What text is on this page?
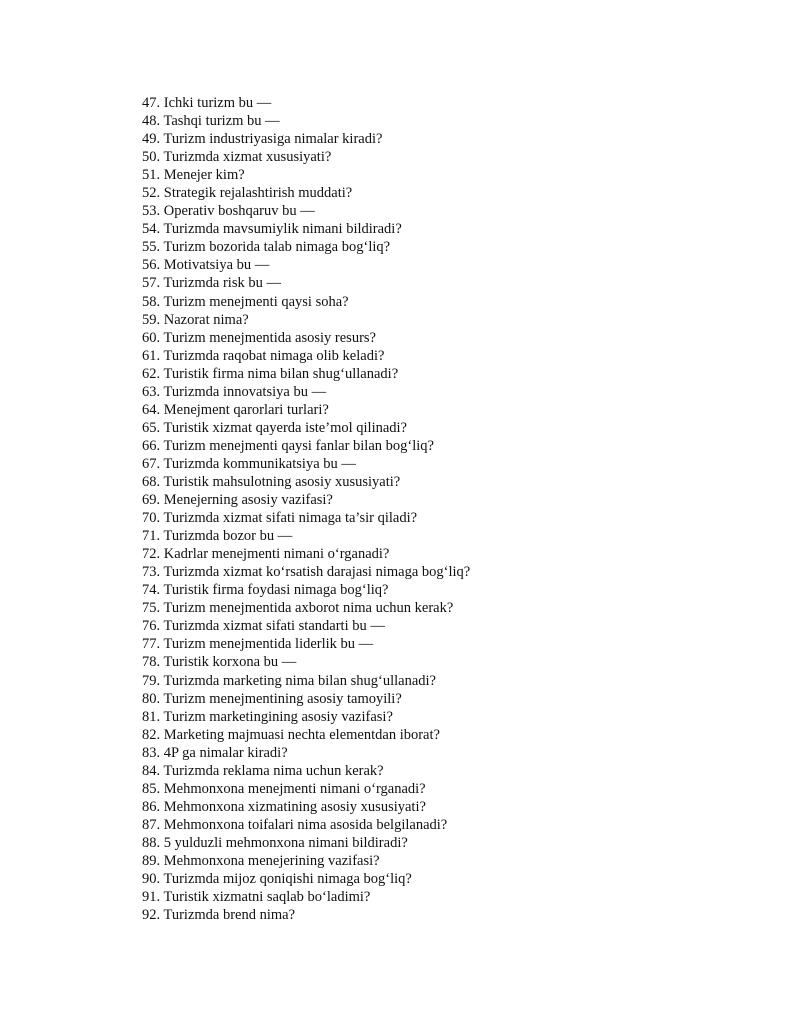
47. Ichki turizm bu —
48. Tashqi turizm bu —
49. Turizm industriyasiga nimalar kiradi?
50. Turizmda xizmat xususiyati?
51. Menejer kim?
52. Strategik rejalashtirish muddati?
53. Operativ boshqaruv bu —
54. Turizmda mavsumiylik nimani bildiradi?
55. Turizm bozorida talab nimaga bog‘liq?
56. Motivatsiya bu —
57. Turizmda risk bu —
58. Turizm menejmenti qaysi soha?
59. Nazorat nima?
60. Turizm menejmentida asosiy resurs?
61. Turizmda raqobat nimaga olib keladi?
62. Turistik firma nima bilan shug‘ullanadi?
63. Turizmda innovatsiya bu —
64. Menejment qarorlari turlari?
65. Turistik xizmat qayerda iste’mol qilinadi?
66. Turizm menejmenti qaysi fanlar bilan bog‘liq?
67. Turizmda kommunikatsiya bu —
68. Turistik mahsulotning asosiy xususiyati?
69. Menejerning asosiy vazifasi?
70. Turizmda xizmat sifati nimaga ta’sir qiladi?
71. Turizmda bozor bu —
72. Kadrlar menejmenti nimani o‘rganadi?
73. Turizmda xizmat ko‘rsatish darajasi nimaga bog‘liq?
74. Turistik firma foydasi nimaga bog‘liq?
75. Turizm menejmentida axborot nima uchun kerak?
76. Turizmda xizmat sifati standarti bu —
77. Turizm menejmentida liderlik bu —
78. Turistik korxona bu —
79. Turizmda marketing nima bilan shug‘ullanadi?
80. Turizm menejmentining asosiy tamoyili?
81. Turizm marketingining asosiy vazifasi?
82. Marketing majmuasi nechta elementdan iborat?
83. 4P ga nimalar kiradi?
84. Turizmda reklama nima uchun kerak?
85. Mehmonxona menejmenti nimani o‘rganadi?
86. Mehmonxona xizmatining asosiy xususiyati?
87. Mehmonxona toifalari nima asosida belgilanadi?
88. 5 yulduzli mehmonxona nimani bildiradi?
89. Mehmonxona menejerining vazifasi?
90. Turizmda mijoz qoniqishi nimaga bog‘liq?
91. Turistik xizmatni saqlab bo‘ladimi?
92. Turizmda brend nima?
